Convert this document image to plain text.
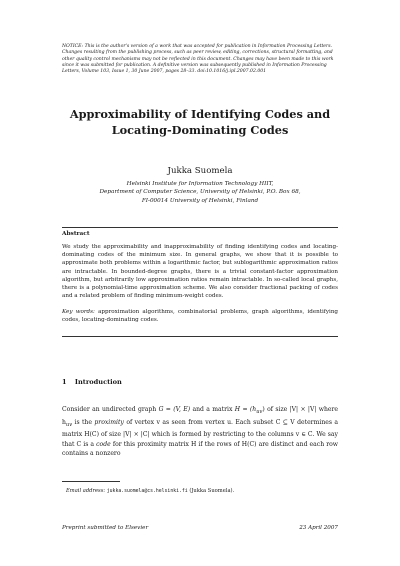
NOTICE: This is the author's version of a work that was accepted for publication in Information Processing Letters. Changes resulting from the publishing process, such as peer review, editing, corrections, structural formatting, and other quality control mechanisms may not be reflected in this document. Changes may have been made to this work since it was submitted for publication. A definitive version was subsequently published in Information Processing Letters, Volume 103, Issue 1, 30 June 2007, pages 28–33. doi:10.1016/j.ipl.2007.02.001
Approximability of Identifying Codes and
Locating-Dominating Codes
Jukka Suomela
Helsinki Institute for Information Technology HIIT,
Department of Computer Science, University of Helsinki, P.O. Box 68,
FI-00014 University of Helsinki, Finland
Abstract
We study the approximability and inapproximability of finding identifying codes and locating-dominating codes of the minimum size. In general graphs, we show that it is possible to approximate both problems within a logarithmic factor, but sublogarithmic approximation ratios are intractable. In bounded-degree graphs, there is a trivial constant-factor approximation algorithm, but arbitrarily low approximation ratios remain intractable. In so-called local graphs, there is a polynomial-time approximation scheme. We also consider fractional packing of codes and a related problem of finding minimum-weight codes.
Key words: approximation algorithms, combinatorial problems, graph algorithms, identifying codes, locating-dominating codes.
1 Introduction
Consider an undirected graph G = (V, E) and a matrix $H = (h_{uv})$ of size |V| × |V| where $h_{uv}$ is the proximity of vertex v as seen from vertex u. Each subset C ⊆ V determines a matrix H(C) of size |V| × |C| which is formed by restricting to the columns v ∈ C. We say that C is a code for this proximity matrix H if the rows of H(C) are distinct and each row contains a nonzero
Email address: jukka.suomela@cs.helsinki.fi (Jukka Suomela).
Preprint submitted to Elsevier	23 April 2007
